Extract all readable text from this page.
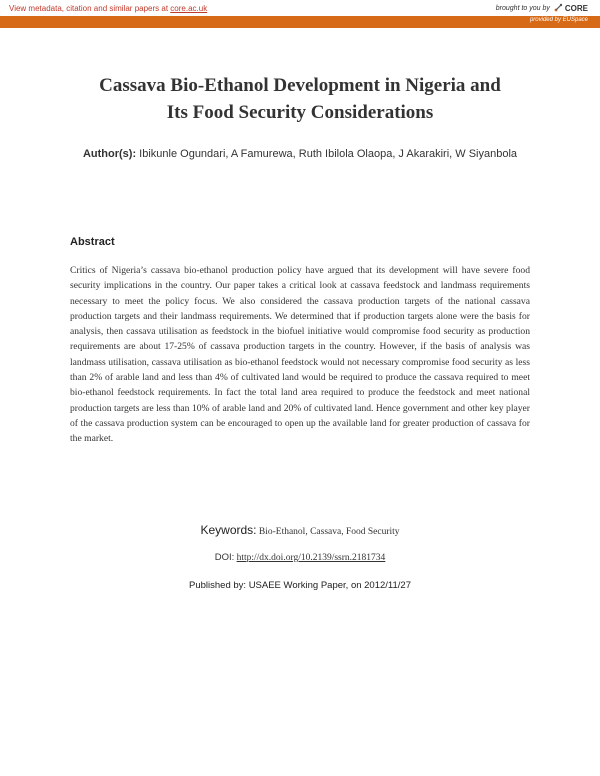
View metadata, citation and similar papers at core.ac.uk	brought to you by CORE
provided by EUSpace
Cassava Bio-Ethanol Development in Nigeria and
Its Food Security Considerations
Author(s): Ibikunle Ogundari, A Famurewa, Ruth Ibilola Olaopa, J Akarakiri, W Siyanbola
Abstract

Critics of Nigeria’s cassava bio-ethanol production policy have argued that its development will have severe food security implications in the country. Our paper takes a critical look at cassava feedstock and landmass requirements necessary to meet the policy focus. We also considered the cassava production targets of the national cassava production targets and their landmass requirements. We determined that if production targets alone were the basis for analysis, then cassava utilisation as feedstock in the biofuel initiative would compromise food security as production requirements are about 17-25% of cassava production targets in the country. However, if the basis of analysis was landmass utilisation, cassava utilisation as bio-ethanol feedstock would not necessary compromise food security as less than 2% of arable land and less than 4% of cultivated land would be required to produce the cassava required to meet bio-ethanol feedstock requirements. In fact the total land area required to produce the feedstock and meet national production targets are less than 10% of arable land and 20% of cultivated land. Hence government and other key player of the cassava production system can be encouraged to open up the available land for greater production of cassava for the market.

Keywords: Bio-Ethanol, Cassava, Food Security
DOI: http://dx.doi.org/10.2139/ssrn.2181734
Published by: USAEE Working Paper, on 2012/11/27
